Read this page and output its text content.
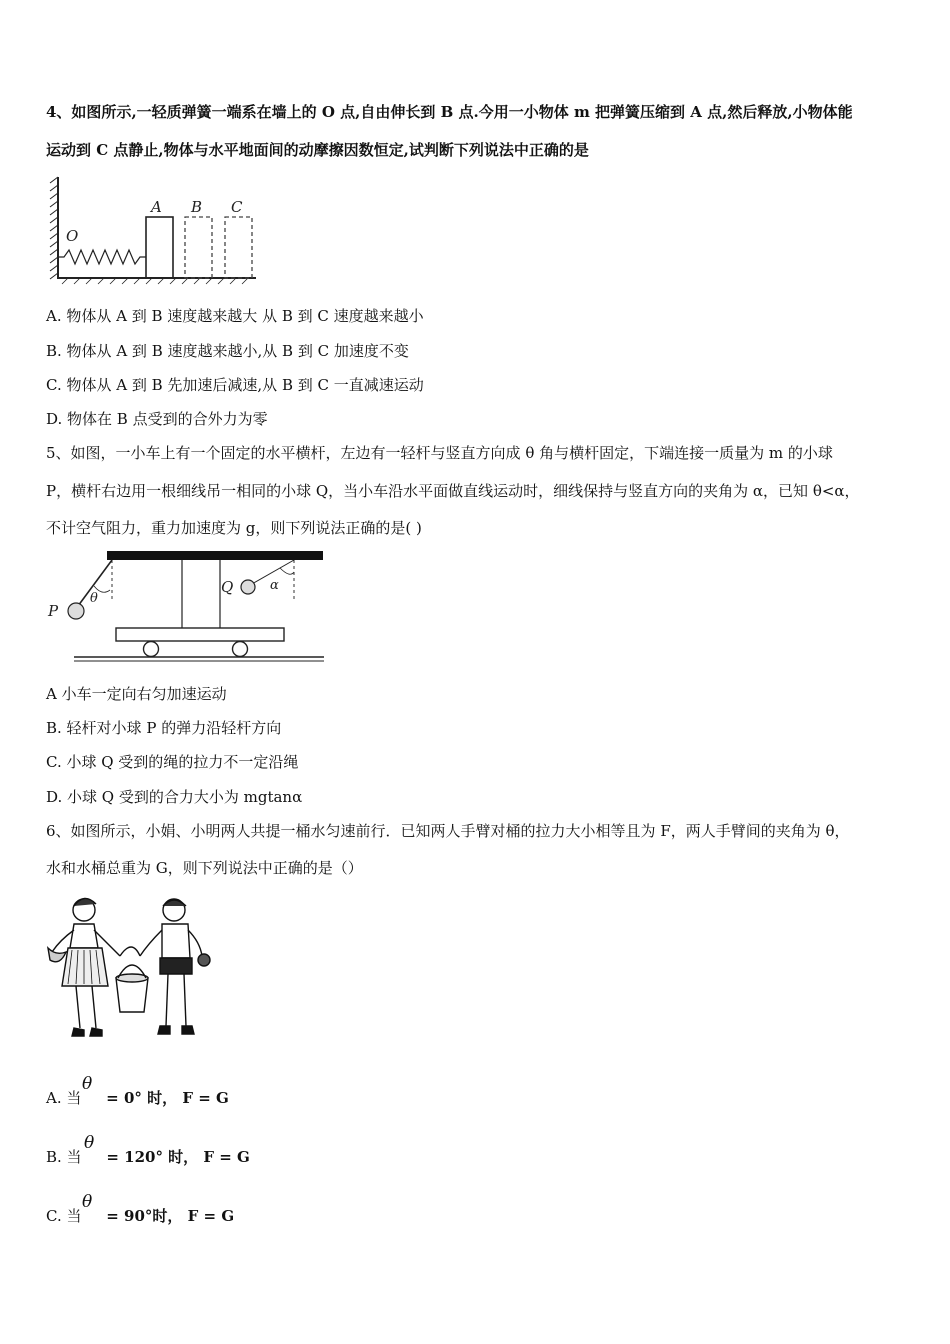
4、如图所示,一轻质弹簧一端系在墙上的 O 点,自由伸长到 B 点.今用一小物体 m 把弹簧压缩到 A 点,然后释放,小物体能
运动到 C 点静止,物体与水平地面间的动摩擦因数恒定,试判断下列说法中正确的是
O
A B C
A. 物体从 A 到 B 速度越来越大 从 B 到 C 速度越来越小
B. 物体从 A 到 B 速度越来越小,从 B 到 C 加速度不变
C. 物体从 A 到 B 先加速后减速,从 B 到 C 一直减速运动
D. 物体在 B 点受到的合外力为零
5、如图，一小车上有一个固定的水平横杆，左边有一轻杆与竖直方向成 θ 角与横杆固定，下端连接一质量为 m 的小球
P，横杆右边用一根细线吊一相同的小球 Q，当小车沿水平面做直线运动时，细线保持与竖直方向的夹角为 α，已知 θ<α，
不计空气阻力，重力加速度为 g，则下列说法正确的是( )
P
θ
Q	α
A 小车一定向右匀加速运动
B. 轻杆对小球 P 的弹力沿轻杆方向
C. 小球 Q 受到的绳的拉力不一定沿绳
D. 小球 Q 受到的合力大小为 mgtanα
6、如图所示，小娟、小明两人共提一桶水匀速前行．已知两人手臂对桶的拉力大小相等且为 F，两人手臂间的夹角为 θ，
水和水桶总重为 G，则下列说法中正确的是（）
A. 当
θ
= 0° 时， F = G
B. 当
θ
= 120° 时， F = G
C. 当
θ
= 90°时， F = G
